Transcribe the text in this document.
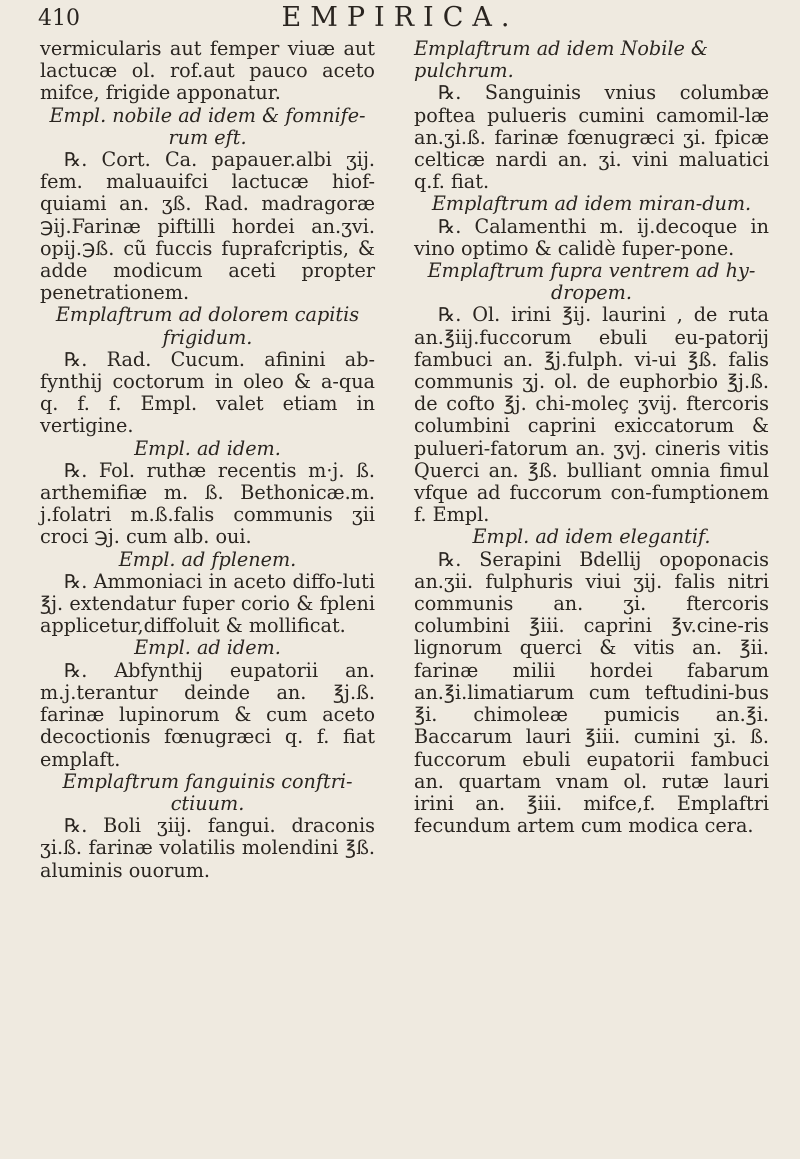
410	EMPIRICA.

vermicularis aut femper viuæ aut lactucæ ol. rof.aut pauco aceto mifce, frigide apponatur.

Empl. nobile ad idem & fomnife-rum eft.

℞. Cort. Ca. papauer.albi ʒij. fem. maluauifci lactucæ hiof-quiami an. ʒß. Rad. madragoræ ℈ij.Farinæ piftilli hordei an.ʒvi. opij.℈ß. cũ fuccis fuprafcriptis, & adde modicum aceti propter penetrationem.

Emplaftrum ad dolorem capitis frigidum.

℞. Rad. Cucum. afinini ab-fynthij coctorum in oleo & a-qua q. f. f. Empl. valet etiam in vertigine.

Empl. ad idem.

℞. Fol. ruthæ recentis m·j. ß. arthemifiæ m. ß. Bethonicæ.m. j.folatri m.ß.falis communis ʒii croci ℈j. cum alb. oui.

Empl. ad fplenem.

℞. Ammoniaci in aceto diffo-luti ℥j. extendatur fuper corio & fpleni applicetur,diffoluit & mollificat.

Empl. ad idem.

℞. Abfynthij eupatorii an. m.j.terantur deinde an. ℥j.ß. farinæ lupinorum & cum aceto decoctionis fœnugræci q. f. fiat emplaft.

Emplaftrum fanguinis conftri-ctiuum.

℞. Boli ʒiij. fangui. draconis ʒi.ß. farinæ volatilis molendini ℥ß. aluminis ouorum.

Emplaftrum ad idem Nobile & pulchrum.

℞. Sanguinis vnius columbæ poftea pulueris cumini camomil-læ an.ʒi.ß. farinæ fœnugræci ʒi. fpicæ celticæ nardi an. ʒi. vini maluatici q.f. fiat.

Emplaftrum ad idem miran-dum.

℞. Calamenthi m. ij.decoque in vino optimo & calidè fuper-pone.

Emplaftrum fupra ventrem ad hy-dropem.

℞. Ol. irini ℥ij. laurini , de ruta an.℥iij.fuccorum ebuli eu-patorij fambuci an. ℥j.fulph. vi-ui ℥ß. falis communis ʒj. ol. de euphorbio ℥j.ß. de cofto ℥j. chi-moleç ʒvij. ftercoris columbini caprini exiccatorum & pulueri-fatorum an. ʒvj. cineris vitis Querci an. ℥ß. bulliant omnia fimul vfque ad fuccorum con-fumptionem f. Empl.

Empl. ad idem elegantif.

℞. Serapini Bdellij opoponacis an.ʒii. fulphuris viui ʒij. falis nitri communis an. ʒi. ftercoris columbini ℥iii. caprini ℥v.cine-ris lignorum querci & vitis an. ℥ii. farinæ milii hordei fabarum an.℥i.limatiarum cum teftudini-bus ℥i. chimoleæ pumicis an.℥i. Baccarum lauri ℥iii. cumini ʒi. ß. fuccorum ebuli eupatorii fambuci an. quartam vnam ol. rutæ lauri irini an. ℥iii. mifce,f. Emplaftri fecundum artem cum modica cera.
